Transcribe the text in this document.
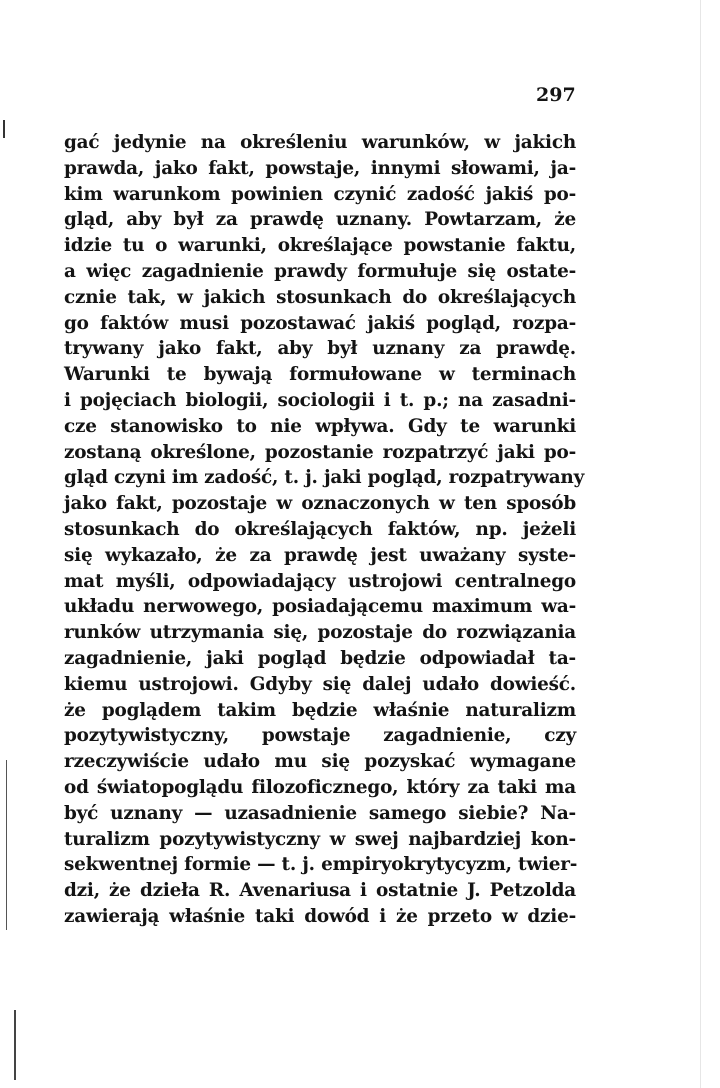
297
gać jedynie na określeniu warunków, w jakich
prawda, jako fakt, powstaje, innymi słowami, ja-
kim warunkom powinien czynić zadość jakiś po-
gląd, aby był za prawdę uznany. Powtarzam, że
idzie tu o warunki, określające powstanie faktu,
a więc zagadnienie prawdy formułuje się ostate-
cznie tak, w jakich stosunkach do określających
go faktów musi pozostawać jakiś pogląd, rozpa-
trywany jako fakt, aby był uznany za prawdę.
Warunki te bywają formułowane w terminach
i pojęciach biologii, sociologii i t. p.; na zasadni-
cze stanowisko to nie wpływa. Gdy te warunki
zostaną określone, pozostanie rozpatrzyć jaki po-
gląd czyni im zadość, t. j. jaki pogląd, rozpatrywany
jako fakt, pozostaje w oznaczonych w ten sposób
stosunkach do określających faktów, np. jeżeli
się wykazało, że za prawdę jest uważany syste-
mat myśli, odpowiadający ustrojowi centralnego
układu nerwowego, posiadającemu maximum wa-
runków utrzymania się, pozostaje do rozwiązania
zagadnienie, jaki pogląd będzie odpowiadał ta-
kiemu ustrojowi. Gdyby się dalej udało dowieść.
że poglądem takim będzie właśnie naturalizm
pozytywistyczny, powstaje zagadnienie, czy
rzeczywiście udało mu się pozyskać wymagane
od światopoglądu filozoficznego, który za taki ma
być uznany — uzasadnienie samego siebie? Na-
turalizm pozytywistyczny w swej najbardziej kon-
sekwentnej formie — t. j. empiryokrytycyzm, twier-
dzi, że dzieła R. Avenariusa i ostatnie J. Petzolda
zawierają właśnie taki dowód i że przeto w dzie-
